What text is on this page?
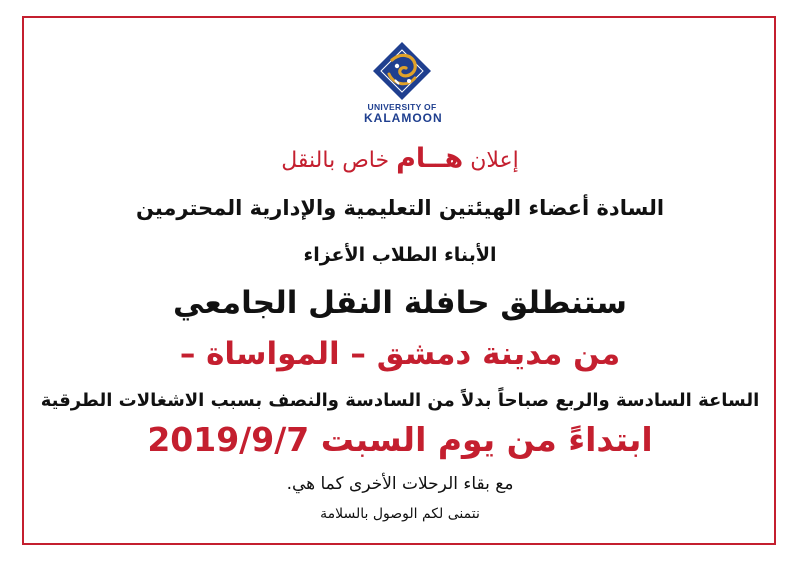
UNIVERSITY OF
KALAMOON
إعلان هــام خاص بالنقل
السادة أعضاء الهيئتين التعليمية والإدارية المحترمين
الأبناء الطلاب الأعزاء
ستنطلق حافلة النقل الجامعي
من مدينة دمشق – المواساة –
الساعة السادسة والربع صباحاً بدلاً من السادسة والنصف بسبب الاشغالات الطرقية
ابتداءً من يوم السبت 2019/9/7
مع بقاء الرحلات الأخرى كما هي.
نتمنى لكم الوصول بالسلامة
